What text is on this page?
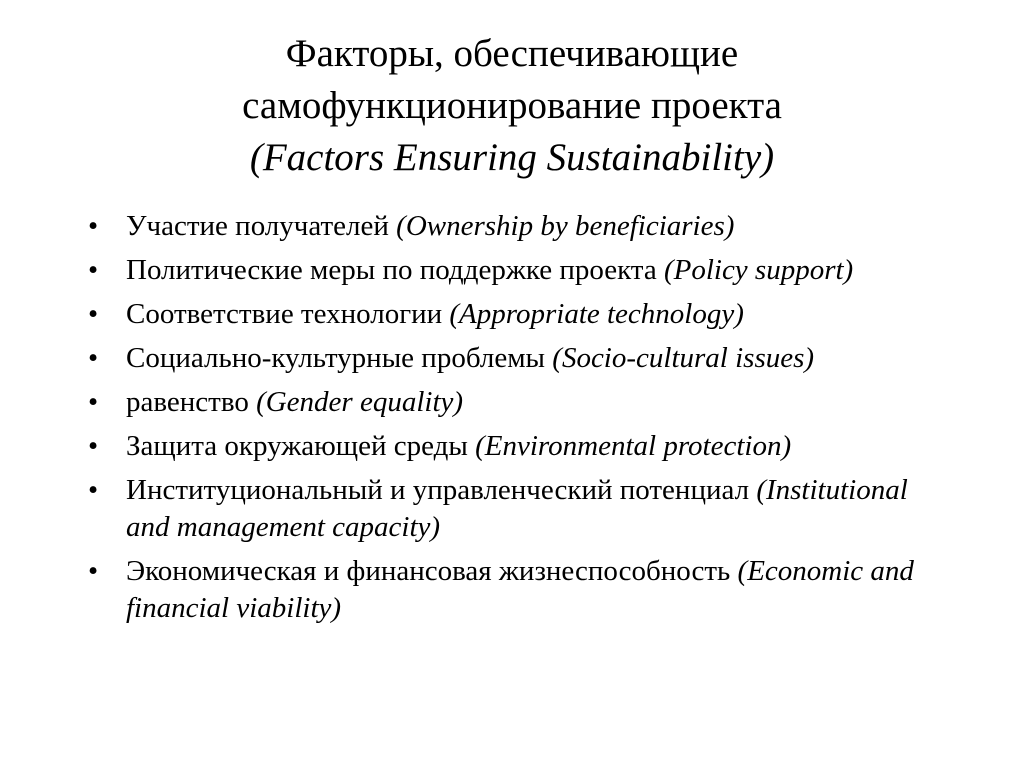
Факторы, обеспечивающие
самофункционирование проекта
(Factors Ensuring Sustainability)
• Участие получателей (Ownership by beneficiaries)
• Политические меры по поддержке проекта (Policy support)
• Соответствие технологии (Appropriate technology)
• Социально-культурные проблемы (Socio-cultural issues)
• равенство (Gender equality)
• Защита окружающей среды (Environmental protection)
• Институциональный и управленческий потенциал (Institutional and management capacity)
• Экономическая и финансовая жизнеспособность (Economic and financial viability)
